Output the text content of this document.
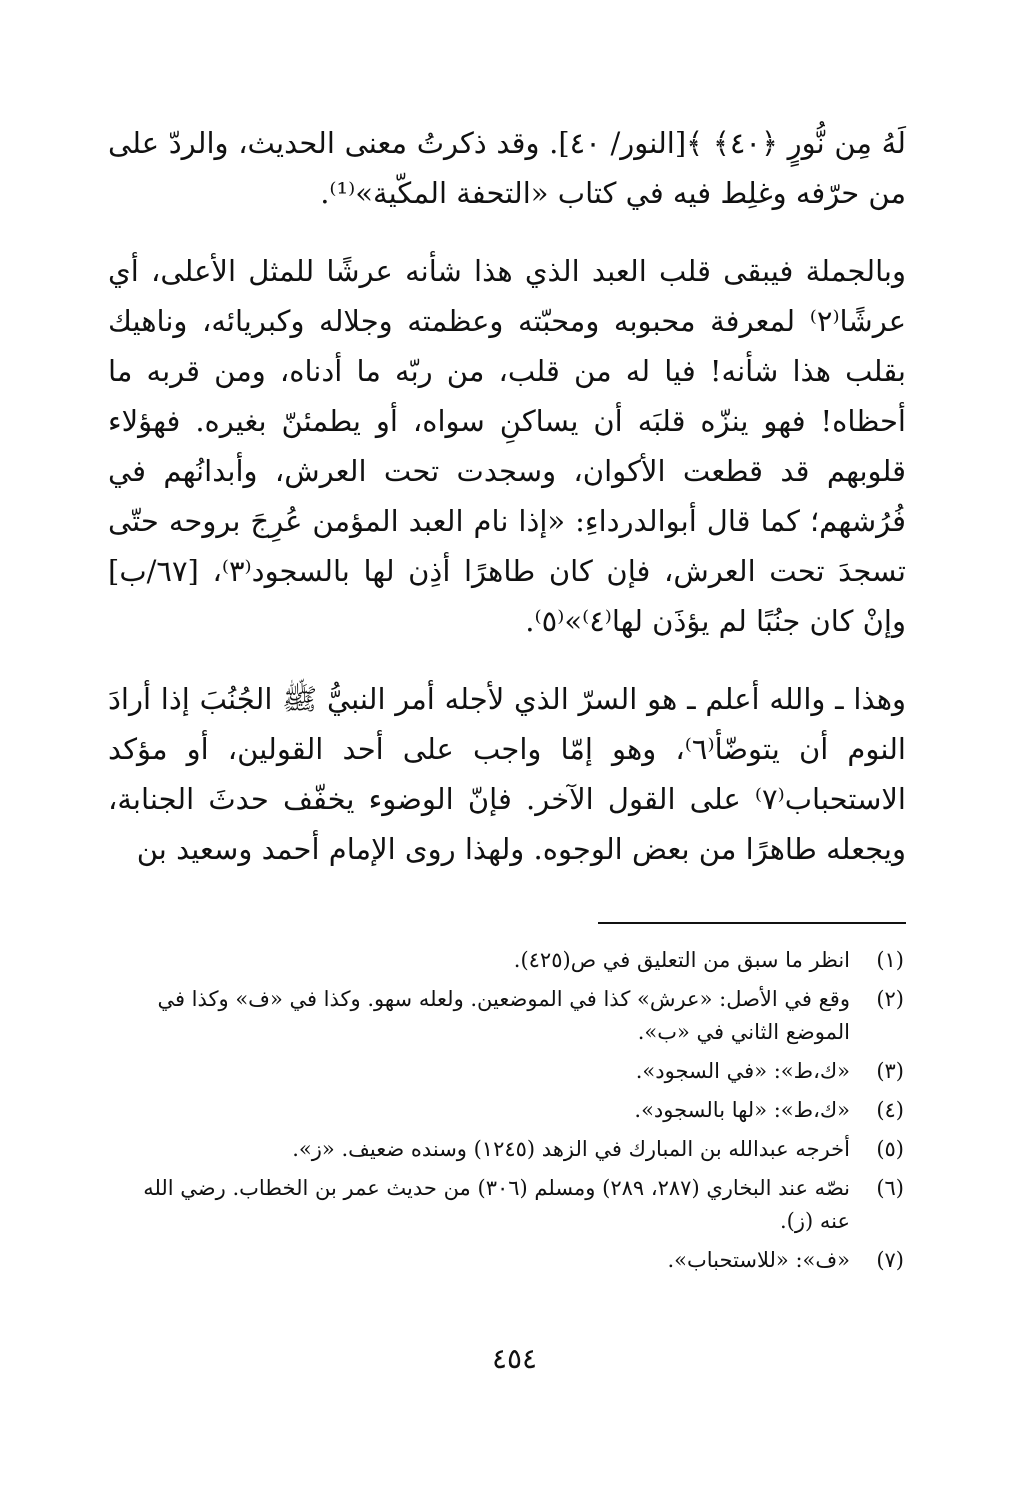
لَهُ مِن نُّورٍ ﴿٤٠﴾ ﴾[النور/ ٤٠]. وقد ذكرتُ معنى الحديث، والردّ على من حرّفه وغلِط فيه في كتاب «التحفة المكّية»⁽¹⁾.

وبالجملة فيبقى قلب العبد الذي هذا شأنه عرشًا للمثل الأعلى، أي عرشًا⁽٢⁾ لمعرفة محبوبه ومحبّته وعظمته وجلاله وكبريائه، وناهيك بقلب هذا شأنه! فيا له من قلب، من ربّه ما أدناه، ومن قربه ما أحظاه! فهو ينزّه قلبَه أن يساكنِ سواه، أو يطمئنّ بغيره. فهؤلاء قلوبهم قد قطعت الأكوان، وسجدت تحت العرش، وأبدانُهم في فُرُشهم؛ كما قال أبوالدرداءِ: «إذا نام العبد المؤمن عُرِجَ بروحه حتّى تسجدَ تحت العرش، فإن كان طاهرًا أذِن لها بالسجود⁽٣⁾، [٦٧/ب] وإنْ كان جنُبًا لم يؤذَن لها⁽٤⁾»⁽٥⁾.

وهذا ـ والله أعلم ـ هو السرّ الذي لأجله أمر النبيُّ ﷺ الجُنُبَ إذا أرادَ النوم أن يتوضّأ⁽٦⁾، وهو إمّا واجب على أحد القولين، أو مؤكد الاستحباب⁽٧⁾ على القول الآخر. فإنّ الوضوء يخفّف حدثَ الجنابة، ويجعله طاهرًا من بعض الوجوه. ولهذا روى الإمام أحمد وسعيد بن

(١)
انظر ما سبق من التعليق في ص(٤٢٥).
(٢)
وقع في الأصل: «عرش» كذا في الموضعين. ولعله سهو. وكذا في «ف» وكذا في الموضع الثاني في «ب».
(٣)
«ك،ط»: «في السجود».
(٤)
«ك،ط»: «لها بالسجود».
(٥)
أخرجه عبدالله بن المبارك في الزهد (١٢٤٥) وسنده ضعيف. «ز».
(٦)
نصّه عند البخاري (٢٨٧، ٢٨٩) ومسلم (٣٠٦) من حديث عمر بن الخطاب. رضي الله عنه (ز).
(٧)
«ف»: «للاستحباب».
٤٥٤
